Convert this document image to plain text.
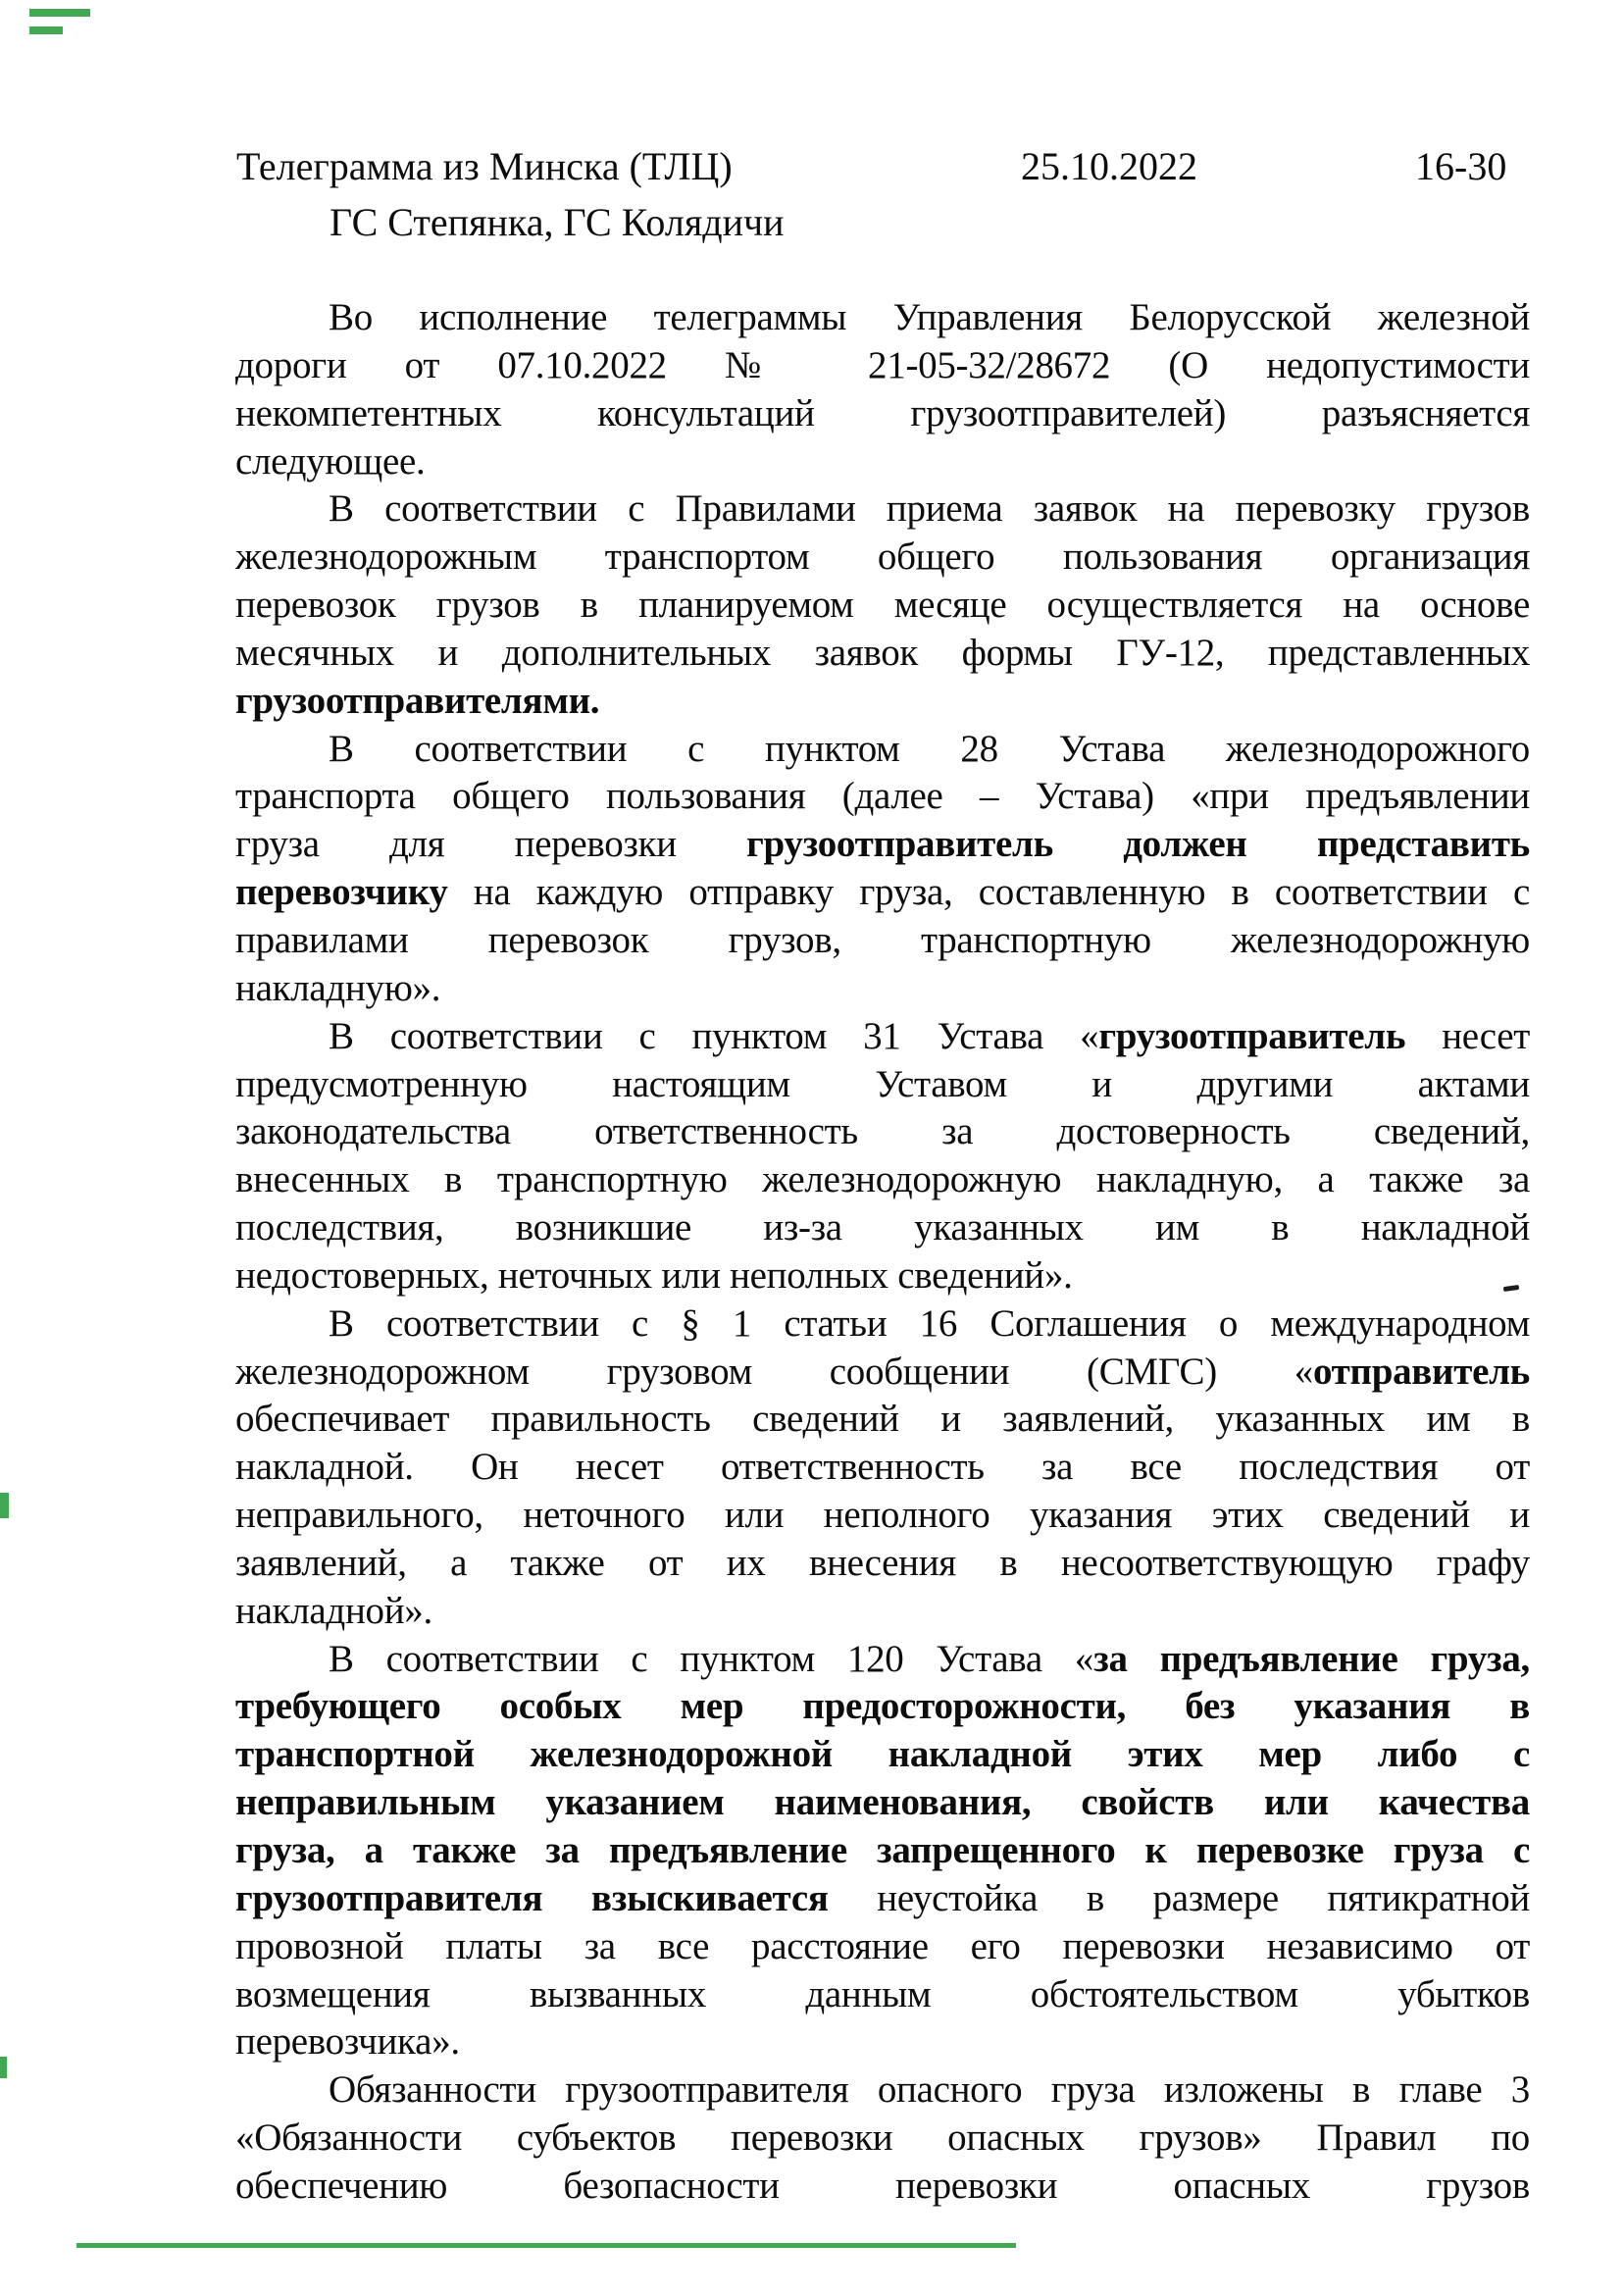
Телеграмма из Минска (ТЛЦ)	25.10.2022	16-30
ГС Степянка, ГС Колядичи
Во исполнение телеграммы Управления Белорусской железной
дороги от 07.10.2022 № 21-05-32/28672 (О недопустимости
некомпетентных консультаций грузоотправителей) разъясняется
следующее.
В соответствии с Правилами приема заявок на перевозку грузов
железнодорожным транспортом общего пользования организация
перевозок грузов в планируемом месяце осуществляется на основе
месячных и дополнительных заявок формы ГУ-12, представленных
грузоотправителями.
В соответствии с пунктом 28 Устава железнодорожного
транспорта общего пользования (далее – Устава) «при предъявлении
груза для перевозки грузоотправитель должен представить
перевозчику на каждую отправку груза, составленную в соответствии с
правилами перевозок грузов, транспортную железнодорожную
накладную».
В соответствии с пунктом 31 Устава «грузоотправитель несет
предусмотренную настоящим Уставом и другими актами
законодательства ответственность за достоверность сведений,
внесенных в транспортную железнодорожную накладную, а также за
последствия, возникшие из-за указанных им в накладной
недостоверных, неточных или неполных сведений».
В соответствии с § 1 статьи 16 Соглашения о международном
железнодорожном грузовом сообщении (СМГС) «отправитель
обеспечивает правильность сведений и заявлений, указанных им в
накладной. Он несет ответственность за все последствия от
неправильного, неточного или неполного указания этих сведений и
заявлений, а также от их внесения в несоответствующую графу
накладной».
В соответствии с пунктом 120 Устава «за предъявление груза,
требующего особых мер предосторожности, без указания в
транспортной железнодорожной накладной этих мер либо с
неправильным указанием наименования, свойств или качества
груза, а также за предъявление запрещенного к перевозке груза с
грузоотправителя взыскивается неустойка в размере пятикратной
провозной платы за все расстояние его перевозки независимо от
возмещения вызванных данным обстоятельством убытков
перевозчика».
Обязанности грузоотправителя опасного груза изложены в главе 3
«Обязанности субъектов перевозки опасных грузов» Правил по
обеспечению безопасности перевозки опасных грузов
